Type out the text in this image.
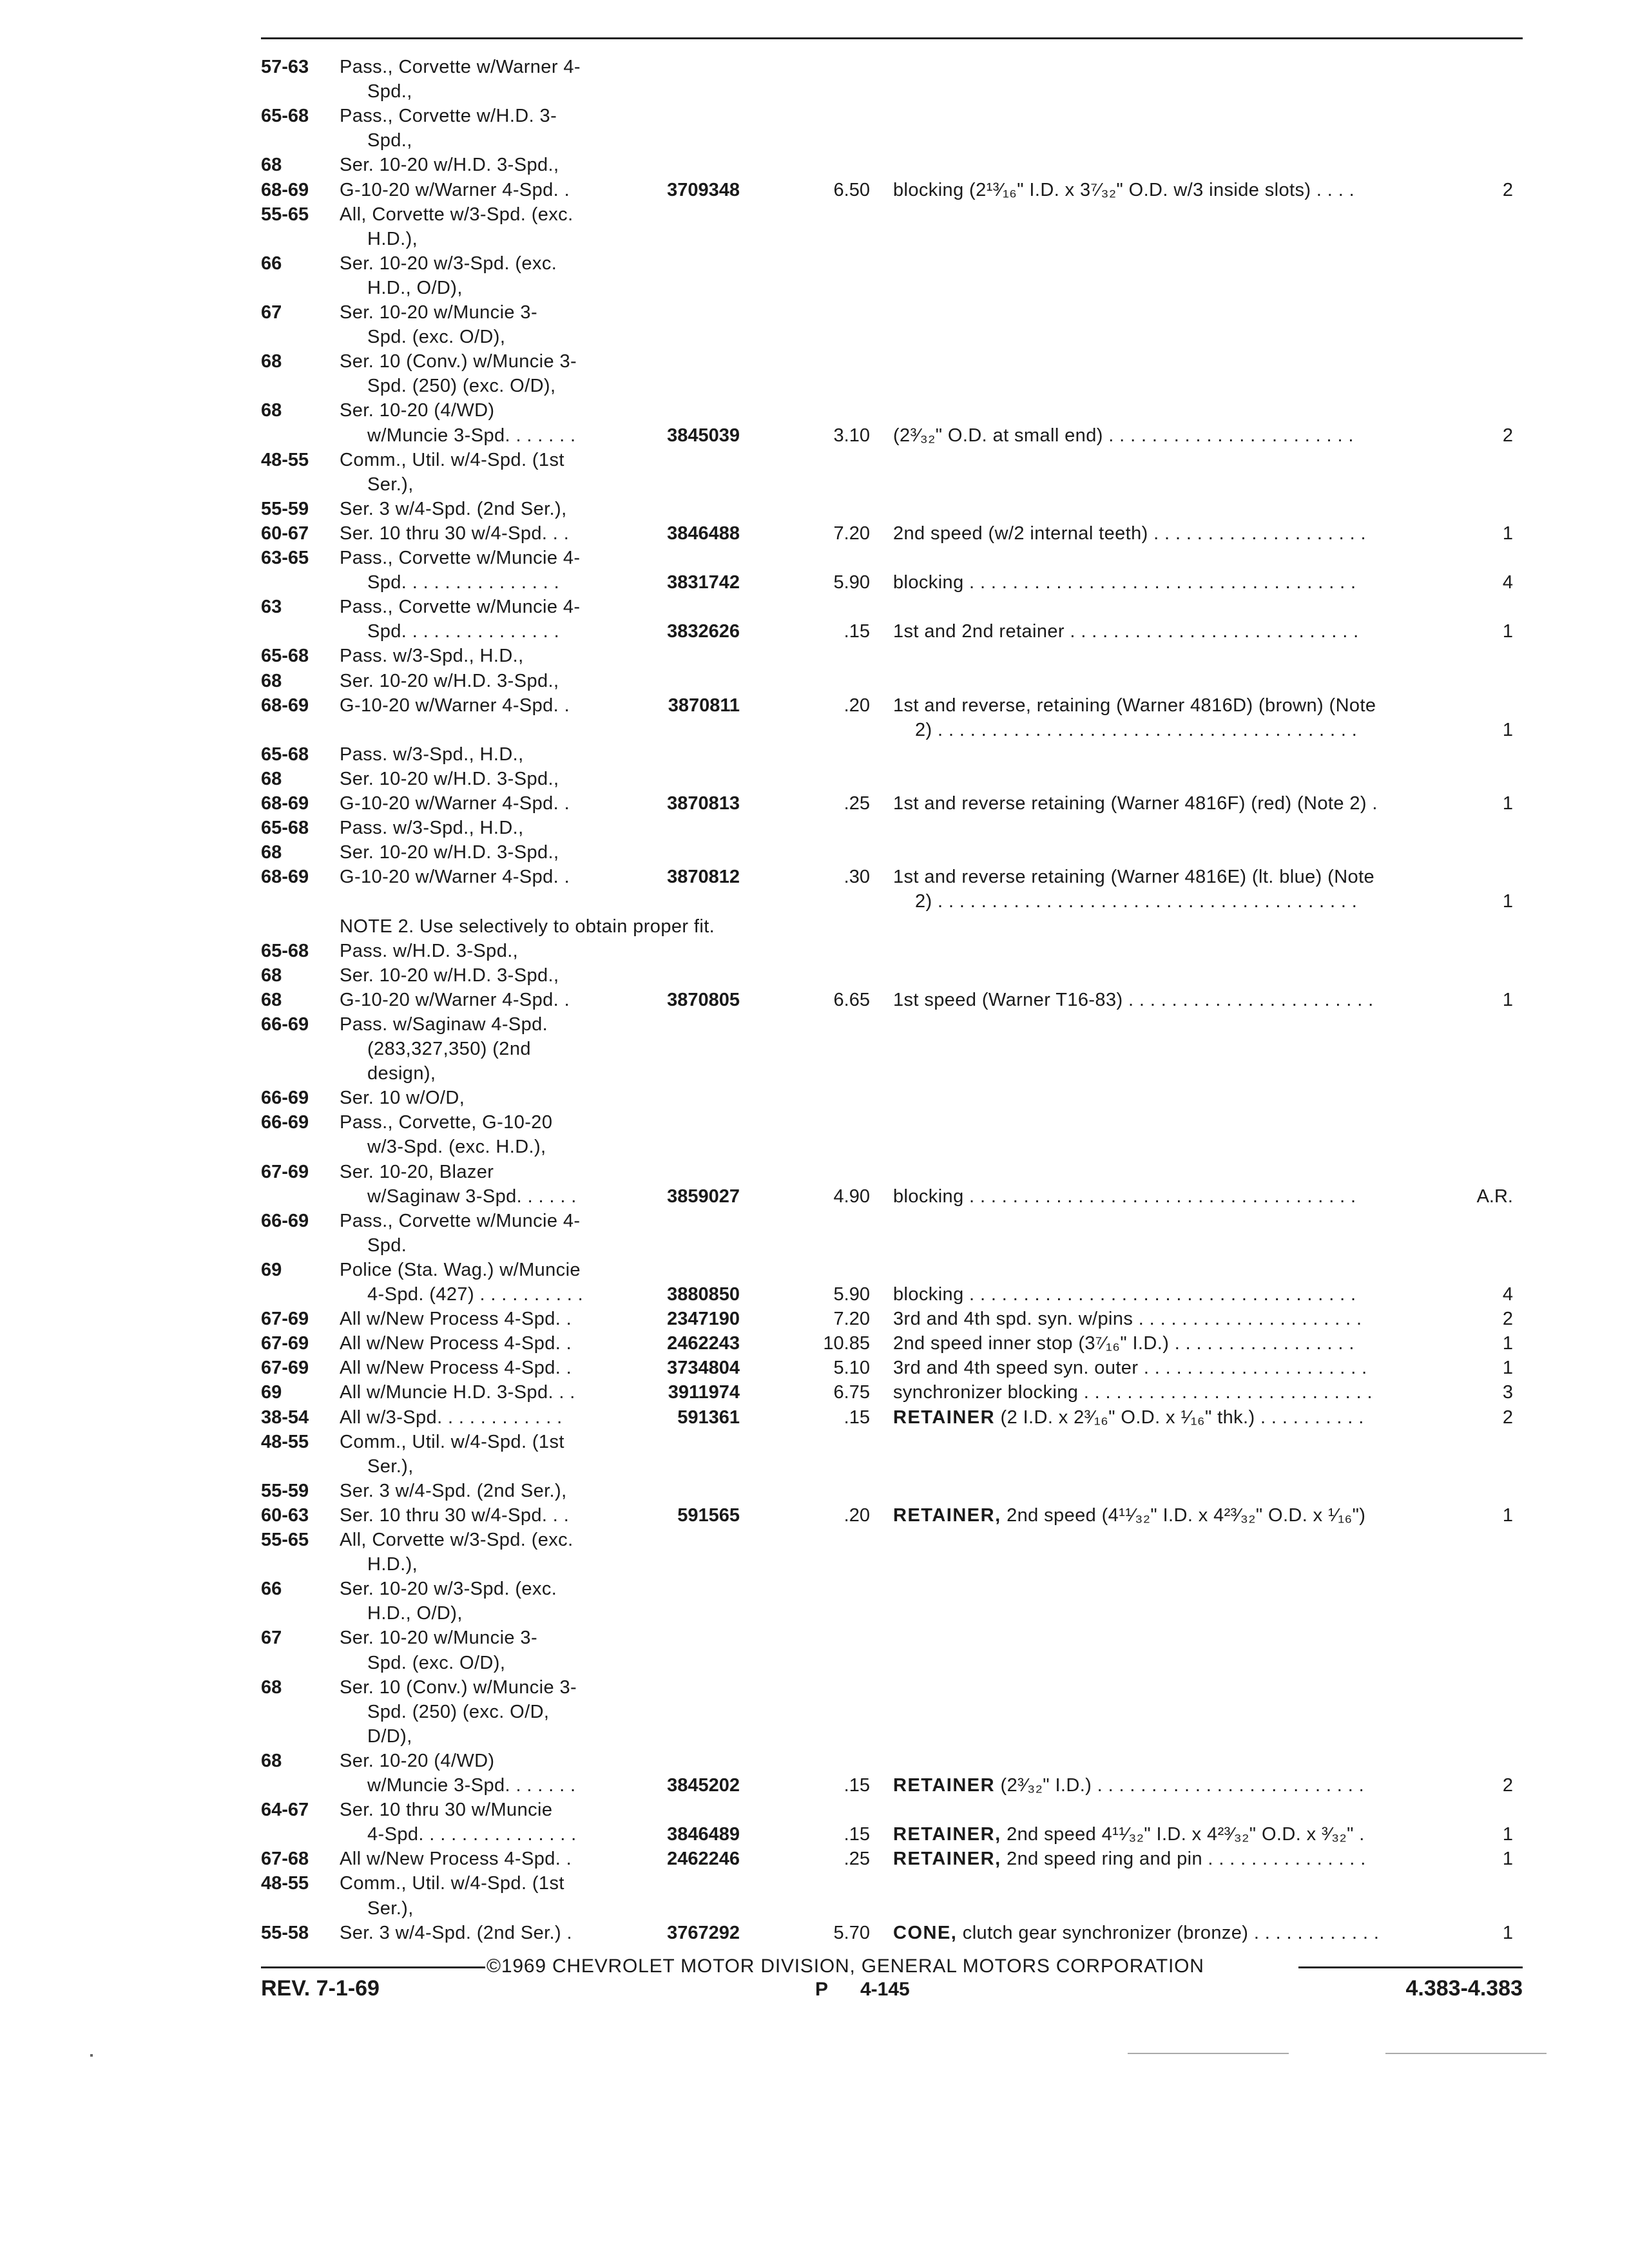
57-63 Pass., Corvette w/Warner 4-
Spd.,
65-68 Pass., Corvette w/H.D. 3-
Spd.,
68	Ser. 10-20 w/H.D. 3-Spd.,
68-69 G-10-20 w/Warner 4-Spd. .	3709348	6.50 blocking (2¹³⁄₁₆" I.D. x 3⁷⁄₃₂" O.D. w/3 inside slots) . . . .	2
55-65 All, Corvette w/3-Spd. (exc.
H.D.),
66	Ser. 10-20 w/3-Spd. (exc.
H.D., O/D),
67	Ser. 10-20 w/Muncie 3-
Spd. (exc. O/D),
68	Ser. 10 (Conv.) w/Muncie 3-
Spd. (250) (exc. O/D),
68	Ser. 10-20 (4/WD)
w/Muncie 3-Spd. . . . . . .	3845039	3.10 (2³⁄₃₂" O.D. at small end) . . . . . . . . . . . . . . . . . . . . . . .	2
48-55 Comm., Util. w/4-Spd. (1st
Ser.),
55-59 Ser. 3 w/4-Spd. (2nd Ser.),
60-67 Ser. 10 thru 30 w/4-Spd. . .	3846488	7.20 2nd speed (w/2 internal teeth) . . . . . . . . . . . . . . . . . . . .	1
63-65 Pass., Corvette w/Muncie 4-
Spd. . . . . . . . . . . . . . .	3831742	5.90 blocking . . . . . . . . . . . . . . . . . . . . . . . . . . . . . . . . . . . .	4
63	Pass., Corvette w/Muncie 4-
Spd. . . . . . . . . . . . . . .	3832626	.15 1st and 2nd retainer . . . . . . . . . . . . . . . . . . . . . . . . . . .	1
65-68 Pass. w/3-Spd., H.D.,
68	Ser. 10-20 w/H.D. 3-Spd.,
68-69 G-10-20 w/Warner 4-Spd. .	3870811	.20 1st and reverse, retaining (Warner 4816D) (brown) (Note
2) . . . . . . . . . . . . . . . . . . . . . . . . . . . . . . . . . . . . . . .	1
65-68 Pass. w/3-Spd., H.D.,
68	Ser. 10-20 w/H.D. 3-Spd.,
68-69 G-10-20 w/Warner 4-Spd. .	3870813	.25 1st and reverse retaining (Warner 4816F) (red) (Note 2) .	1
65-68 Pass. w/3-Spd., H.D.,
68	Ser. 10-20 w/H.D. 3-Spd.,
68-69 G-10-20 w/Warner 4-Spd. .	3870812	.30 1st and reverse retaining (Warner 4816E) (lt. blue) (Note
2) . . . . . . . . . . . . . . . . . . . . . . . . . . . . . . . . . . . . . . .	1
NOTE 2. Use selectively to obtain proper fit.
65-68 Pass. w/H.D. 3-Spd.,
68	Ser. 10-20 w/H.D. 3-Spd.,
68	G-10-20 w/Warner 4-Spd. .	3870805	6.65 1st speed (Warner T16-83) . . . . . . . . . . . . . . . . . . . . . . .	1
66-69 Pass. w/Saginaw 4-Spd.
(283,327,350) (2nd
design),
66-69 Ser. 10 w/O/D,
66-69 Pass., Corvette, G-10-20
w/3-Spd. (exc. H.D.),
67-69 Ser. 10-20, Blazer
w/Saginaw 3-Spd. . . . . .	3859027	4.90 blocking . . . . . . . . . . . . . . . . . . . . . . . . . . . . . . . . . . . .	A.R.
66-69 Pass., Corvette w/Muncie 4-
Spd.
69	Police (Sta. Wag.) w/Muncie
4-Spd. (427) . . . . . . . . . .	3880850	5.90 blocking . . . . . . . . . . . . . . . . . . . . . . . . . . . . . . . . . . . .	4
67-69 All w/New Process 4-Spd. .	2347190	7.20 3rd and 4th spd. syn. w/pins . . . . . . . . . . . . . . . . . . . . .	2
67-69 All w/New Process 4-Spd. .	2462243	10.85 2nd speed inner stop (3⁷⁄₁₆" I.D.) . . . . . . . . . . . . . . . . .	1
67-69 All w/New Process 4-Spd. .	3734804	5.10 3rd and 4th speed syn. outer . . . . . . . . . . . . . . . . . . . . .	1
69	All w/Muncie H.D. 3-Spd. . .	3911974	6.75 synchronizer blocking . . . . . . . . . . . . . . . . . . . . . . . . . . .	3
38-54 All w/3-Spd. . . . . . . . . . . .	591361	.15 RETAINER (2 I.D. x 2³⁄₁₆" O.D. x ¹⁄₁₆" thk.) . . . . . . . . . .	2
48-55 Comm., Util. w/4-Spd. (1st
Ser.),
55-59 Ser. 3 w/4-Spd. (2nd Ser.),
60-63 Ser. 10 thru 30 w/4-Spd. . .	591565	.20 RETAINER, 2nd speed (4¹¹⁄₃₂" I.D. x 4²³⁄₃₂" O.D. x ¹⁄₁₆")	1
55-65 All, Corvette w/3-Spd. (exc.
H.D.),
66	Ser. 10-20 w/3-Spd. (exc.
H.D., O/D),
67	Ser. 10-20 w/Muncie 3-
Spd. (exc. O/D),
68	Ser. 10 (Conv.) w/Muncie 3-
Spd. (250) (exc. O/D,
D/D),
68	Ser. 10-20 (4/WD)
w/Muncie 3-Spd. . . . . . .	3845202	.15 RETAINER (2³⁄₃₂" I.D.) . . . . . . . . . . . . . . . . . . . . . . . . .	2
64-67 Ser. 10 thru 30 w/Muncie
4-Spd. . . . . . . . . . . . . . .	3846489	.15 RETAINER, 2nd speed 4¹¹⁄₃₂" I.D. x 4²³⁄₃₂" O.D. x ³⁄₃₂" .	1
67-68 All w/New Process 4-Spd. .	2462246	.25 RETAINER, 2nd speed ring and pin . . . . . . . . . . . . . . .	1
48-55 Comm., Util. w/4-Spd. (1st
Ser.),
55-58 Ser. 3 w/4-Spd. (2nd Ser.) .	3767292	5.70 CONE, clutch gear synchronizer (bronze) . . . . . . . . . . . .	1
©1969 CHEVROLET MOTOR DIVISION, GENERAL MOTORS CORPORATION
REV. 7-1-69	P 4-145	4.383-4.383
